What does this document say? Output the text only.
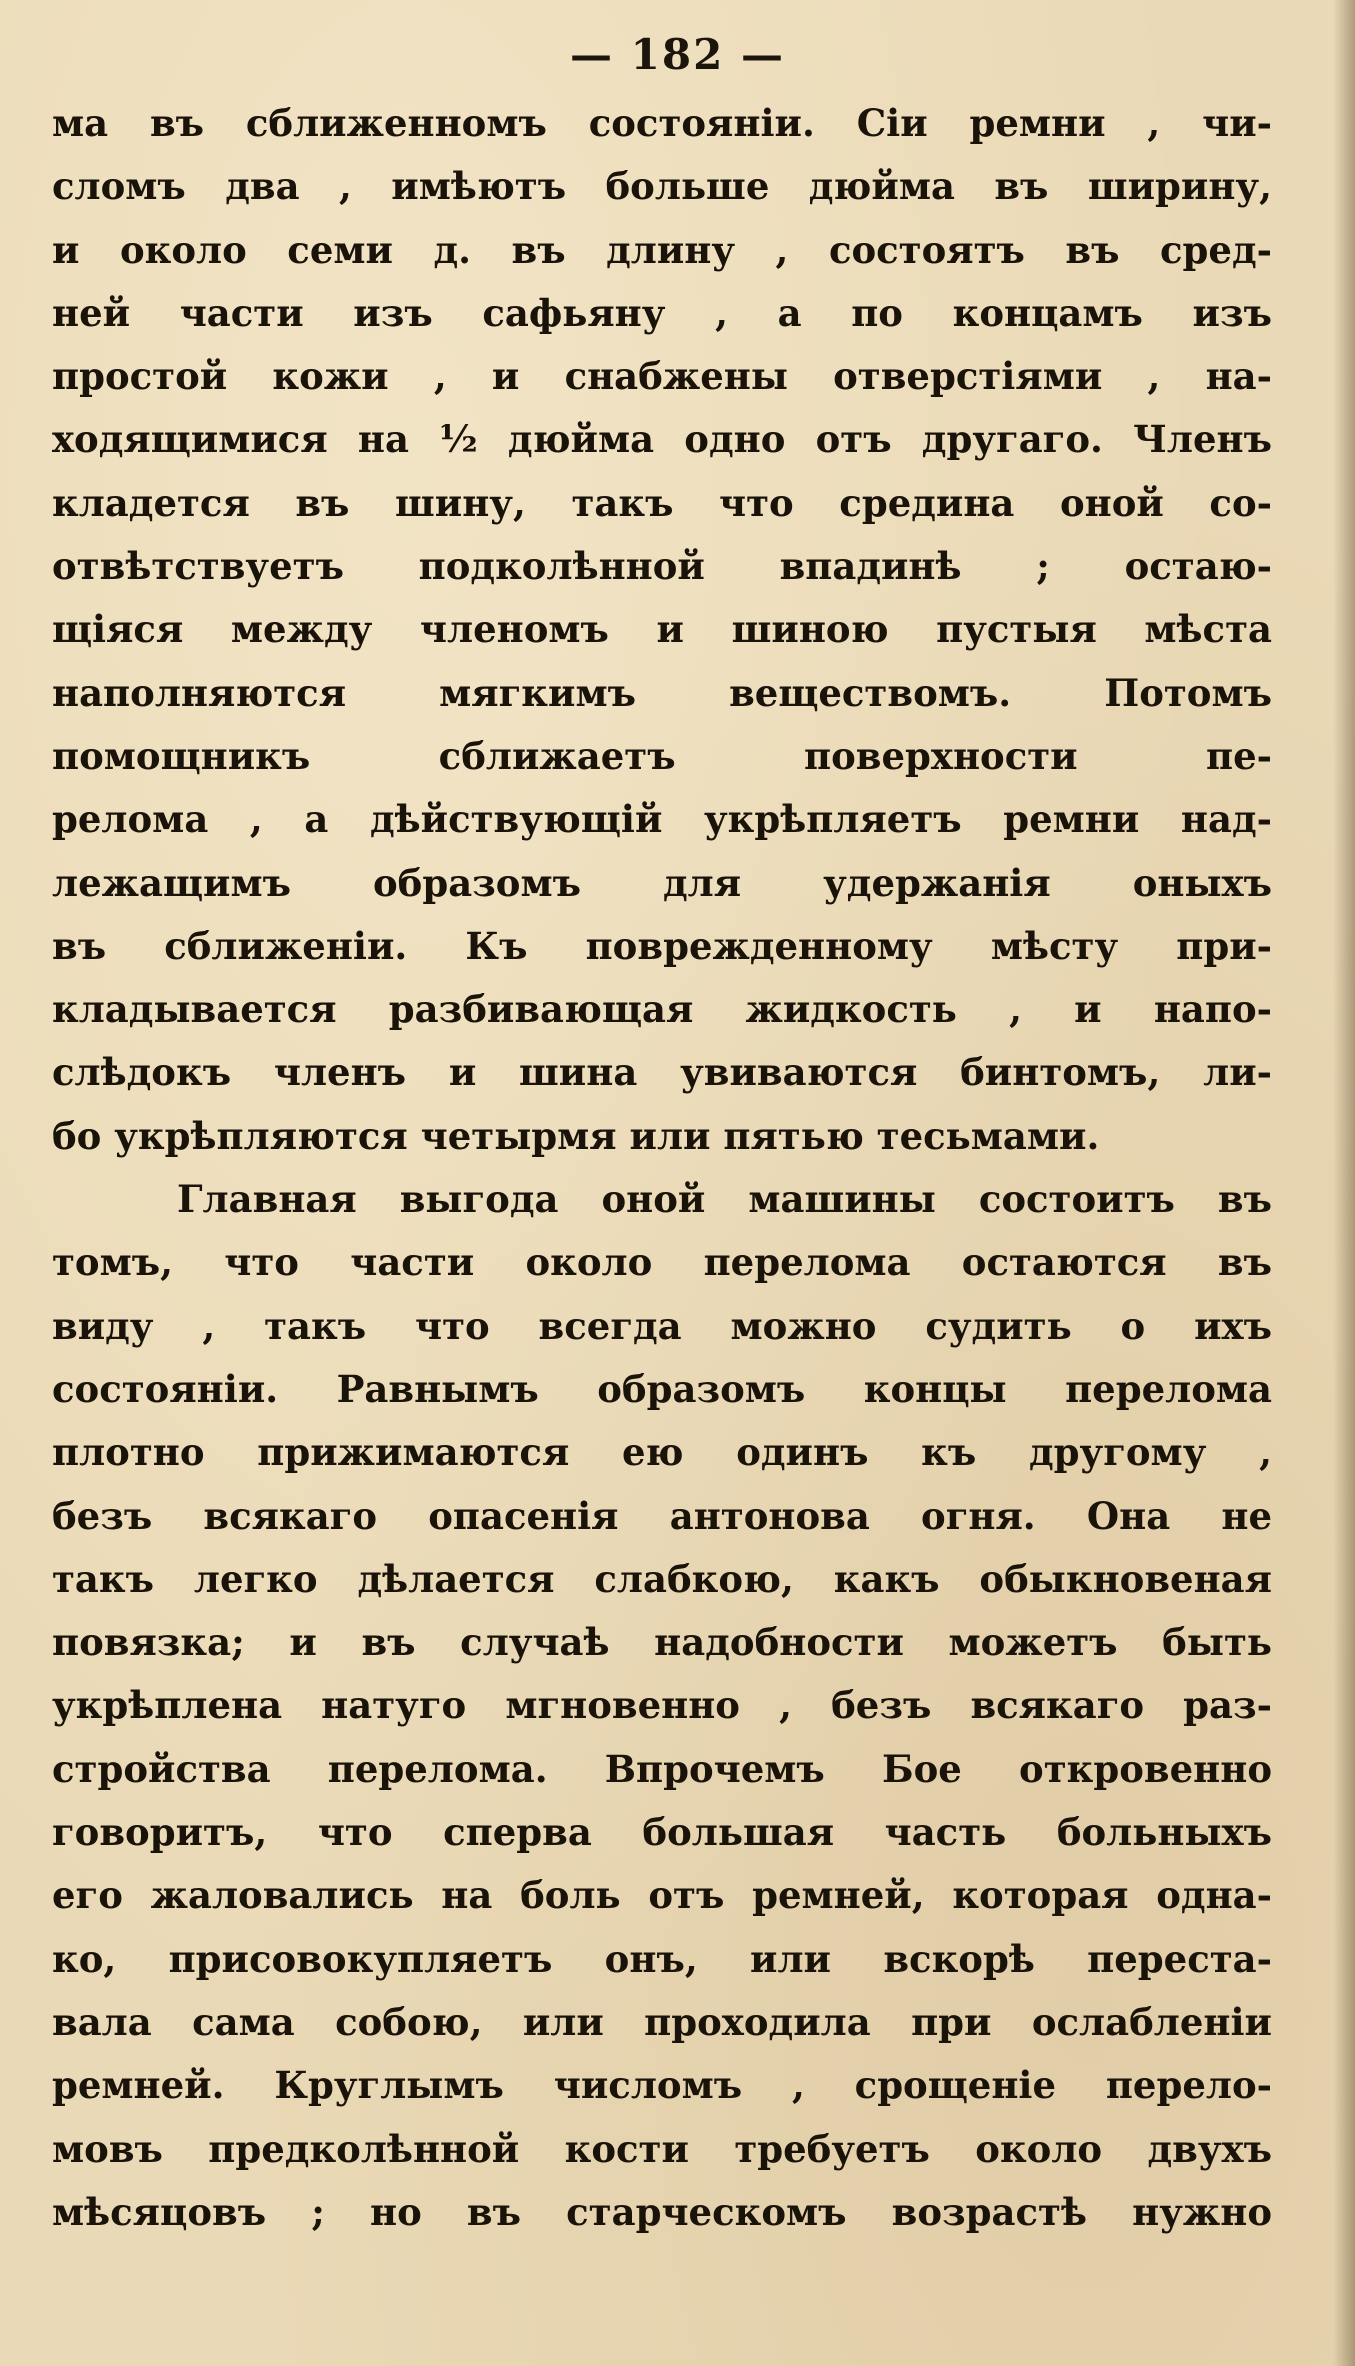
— 182 —
ма въ сближенномъ состояніи. Сіи ремни , чи-
сломъ два , имѣютъ больше дюйма въ ширину,
и около семи д. въ длину , состоятъ въ сред-
ней части изъ сафьяну , а по концамъ изъ
простой кожи , и снабжены отверстіями , на-
ходящимися на ½ дюйма одно отъ другаго. Членъ
кладется въ шину, такъ что средина оной со-
отвѣтствуетъ подколѣнной впадинѣ ; остаю-
щіяся между членомъ и шиною пустыя мѣста
наполняются мягкимъ веществомъ. Потомъ
помощникъ сближаетъ поверхности пе-
релома , а дѣйствующій укрѣпляетъ ремни над-
лежащимъ образомъ для удержанія оныхъ
въ сближеніи. Къ поврежденному мѣсту при-
кладывается разбивающая жидкость , и напо-
слѣдокъ членъ и шина увиваются бинтомъ, ли-
бо укрѣпляются четырмя или пятью тесьмами.
Главная выгода оной машины состоитъ въ
томъ, что части около перелома остаются въ
виду , такъ что всегда можно судить о ихъ
состояніи. Равнымъ образомъ концы перелома
плотно прижимаются ею одинъ къ другому ,
безъ всякаго опасенія антонова огня. Она не
такъ легко дѣлается слабкою, какъ обыкновеная
повязка; и въ случаѣ надобности можетъ быть
укрѣплена натуго мгновенно , безъ всякаго раз-
стройства перелома. Впрочемъ Бое откровенно
говоритъ, что сперва большая часть больныхъ
его жаловались на боль отъ ремней, которая одна-
ко, присовокупляетъ онъ, или вскорѣ переста-
вала сама собою, или проходила при ослабленіи
ремней. Круглымъ числомъ , срощеніе перело-
мовъ предколѣнной кости требуетъ около двухъ
мѣсяцовъ ; но въ старческомъ возрастѣ нужно
